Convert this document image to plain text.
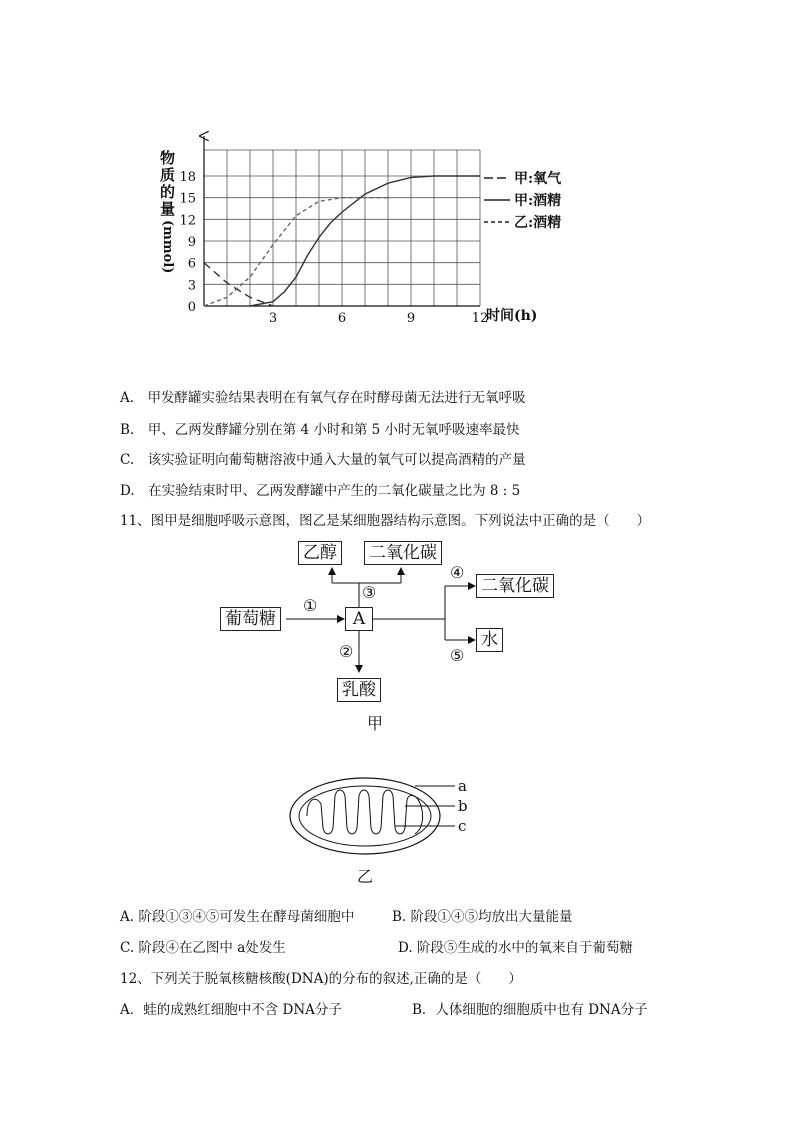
0
3
6
9
12
15
18
3	6	9	12
甲:氧气
甲:酒精
乙:酒精
时间(h)
物
质
的
量
(mmol)
A.　甲发酵罐实验结果表明在有氧气存在时酵母菌无法进行无氧呼吸
B.　甲、乙两发酵罐分别在第 4 小时和第 5 小时无氧呼吸速率最快
C.　该实验证明向葡萄糖溶液中通入大量的氧气可以提高酒精的产量
D.　在实验结束时甲、乙两发酵罐中产生的二氧化碳量之比为 8 : 5
11、图甲是细胞呼吸示意图，图乙是某细胞器结构示意图。下列说法中正确的是（　　）
乙醇 二氧化碳
二氧化碳
葡萄糖	A
水
乳酸
①
②
③
④
⑤
甲
a
b
c
乙
A. 阶段①③④⑤可发生在酵母菌细胞中	B. 阶段①④⑤均放出大量能量
C. 阶段④在乙图中 a处发生	D. 阶段⑤生成的水中的氧来自于葡萄糖
12、下列关于脱氧核糖核酸(DNA)的分布的叙述,正确的是（　　）
A．蛙的成熟红细胞中不含 DNA分子	B．人体细胞的细胞质中也有 DNA分子
